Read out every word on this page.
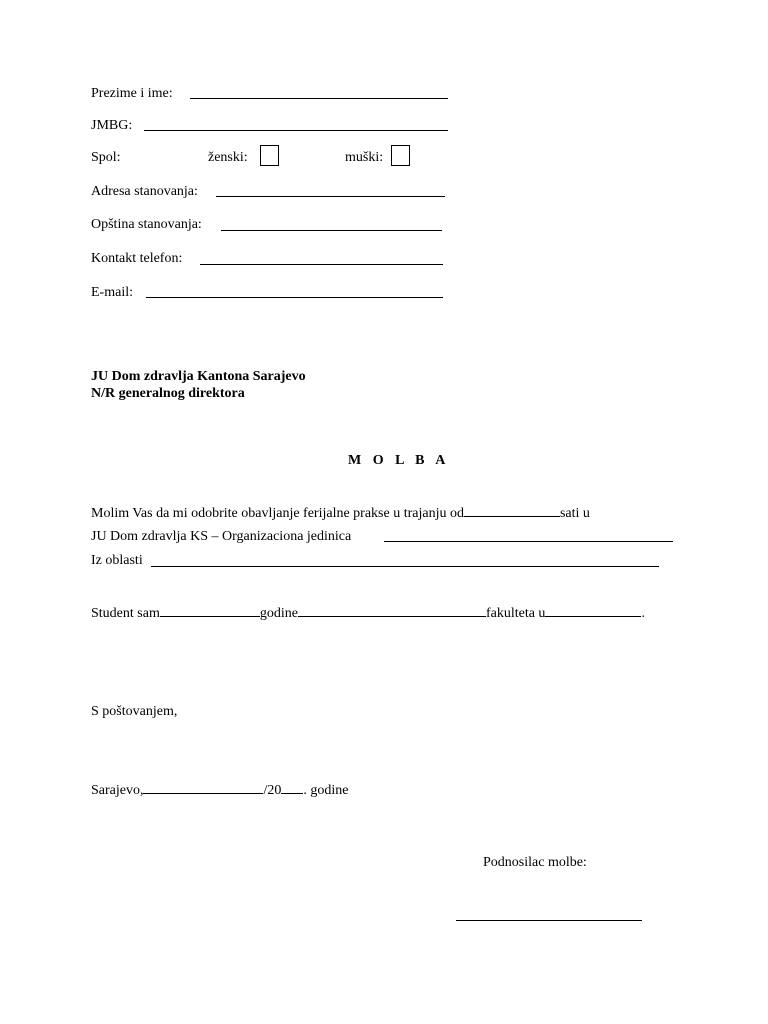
Prezime i ime:
JMBG:
Spol:	ženski:	muški:
Adresa stanovanja:
Opština stanovanja:
Kontakt telefon:
E-mail:
JU Dom zdravlja Kantona Sarajevo
N/R generalnog direktora
M O L B A
Molim Vas da mi odobrite obavljanje ferijalne prakse u trajanju od	sati u
JU Dom zdravlja KS – Organizaciona jedinica
Iz oblasti
Student sam	godine	fakulteta u	.
S poštovanjem,
Sarajevo,	/20 . godine
Podnosilac molbe:
